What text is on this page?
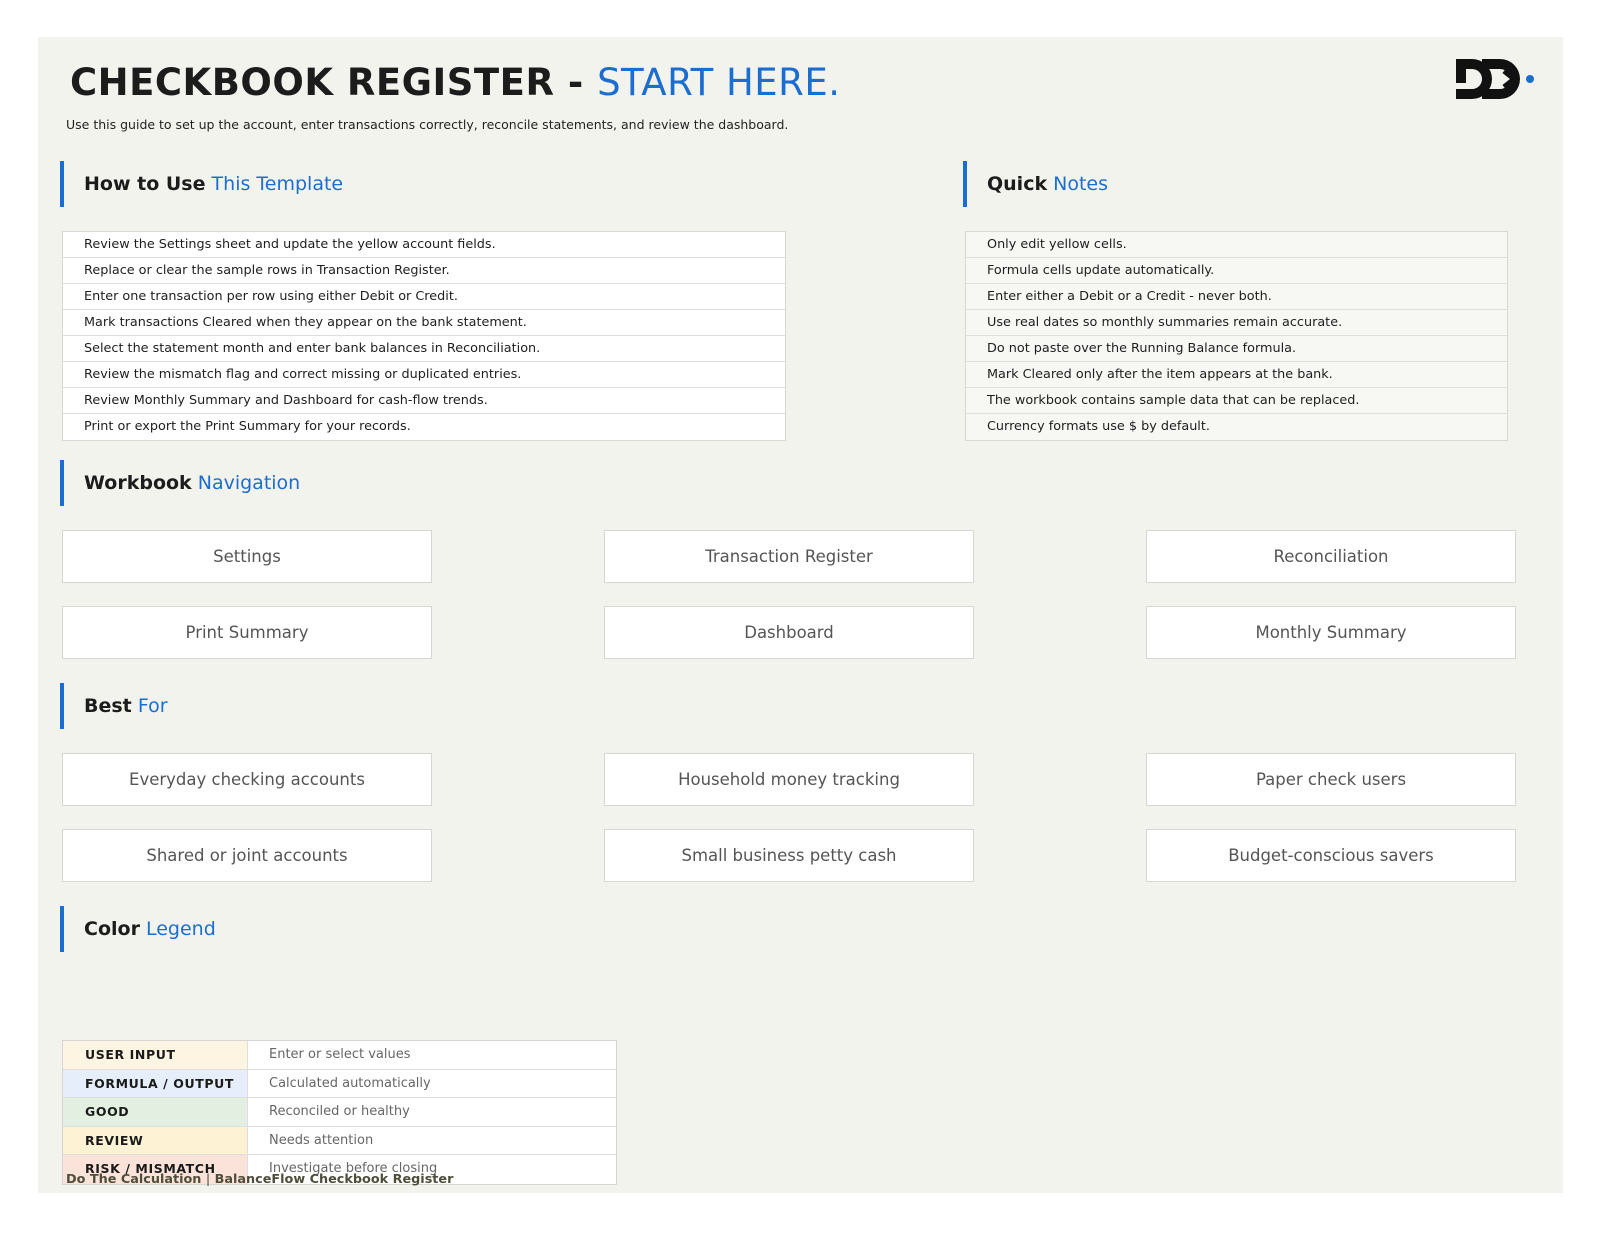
CHECKBOOK REGISTER - START HERE.
Use this guide to set up the account, enter transactions correctly, reconcile statements, and review the dashboard.
How to Use This Template
Review the Settings sheet and update the yellow account fields.
Replace or clear the sample rows in Transaction Register.
Enter one transaction per row using either Debit or Credit.
Mark transactions Cleared when they appear on the bank statement.
Select the statement month and enter bank balances in Reconciliation.
Review the mismatch flag and correct missing or duplicated entries.
Review Monthly Summary and Dashboard for cash-flow trends.
Print or export the Print Summary for your records.
Quick Notes
Only edit yellow cells.
Formula cells update automatically.
Enter either a Debit or a Credit - never both.
Use real dates so monthly summaries remain accurate.
Do not paste over the Running Balance formula.
Mark Cleared only after the item appears at the bank.
The workbook contains sample data that can be replaced.
Currency formats use $ by default.
Workbook Navigation
Settings	Transaction Register	Reconciliation
Print Summary	Dashboard	Monthly Summary
Best For
Everyday checking accounts	Household money tracking	Paper check users
Shared or joint accounts	Small business petty cash	Budget-conscious savers
Color Legend
USER INPUT	Enter or select values
FORMULA / OUTPUT	Calculated automatically
GOOD	Reconciled or healthy
REVIEW	Needs attention
RISK / MISMATCH	Investigate before closing
Do The Calculation | BalanceFlow Checkbook Register
